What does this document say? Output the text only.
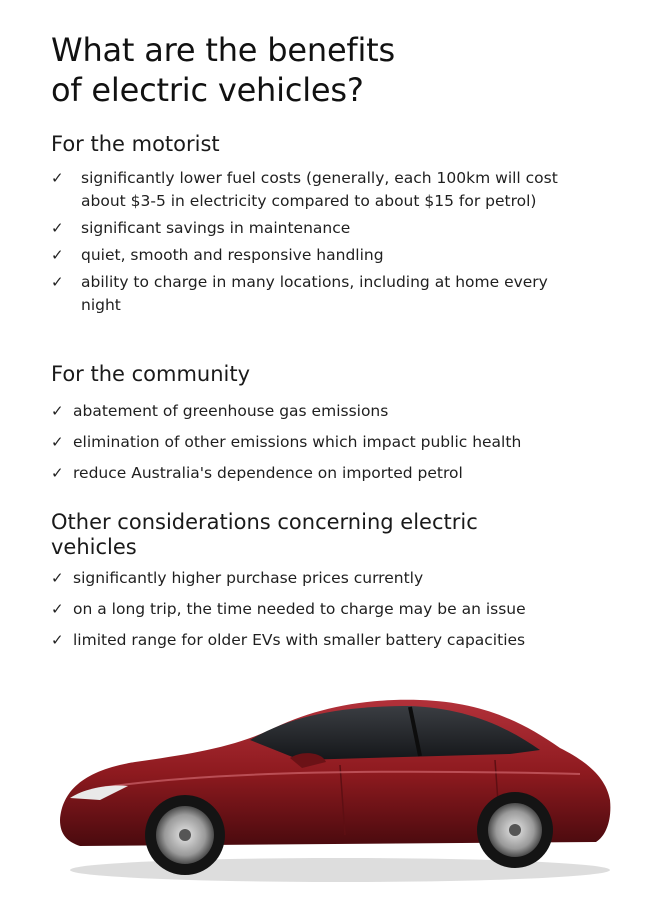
What are the benefits
of electric vehicles?
For the motorist
✓ significantly lower fuel costs (generally, each 100km will cost about $3-5 in electricity compared to about $15 for petrol)
✓ significant savings in maintenance
✓ quiet, smooth and responsive handling
✓ ability to charge in many locations, including at home every night
For the community
✓ abatement of greenhouse gas emissions
✓ elimination of other emissions which impact public health
✓ reduce Australia's dependence on imported petrol
Other considerations concerning electric vehicles
✓ significantly higher purchase prices currently
✓ on a long trip, the time needed to charge may be an issue
✓ limited range for older EVs with smaller battery capacities
